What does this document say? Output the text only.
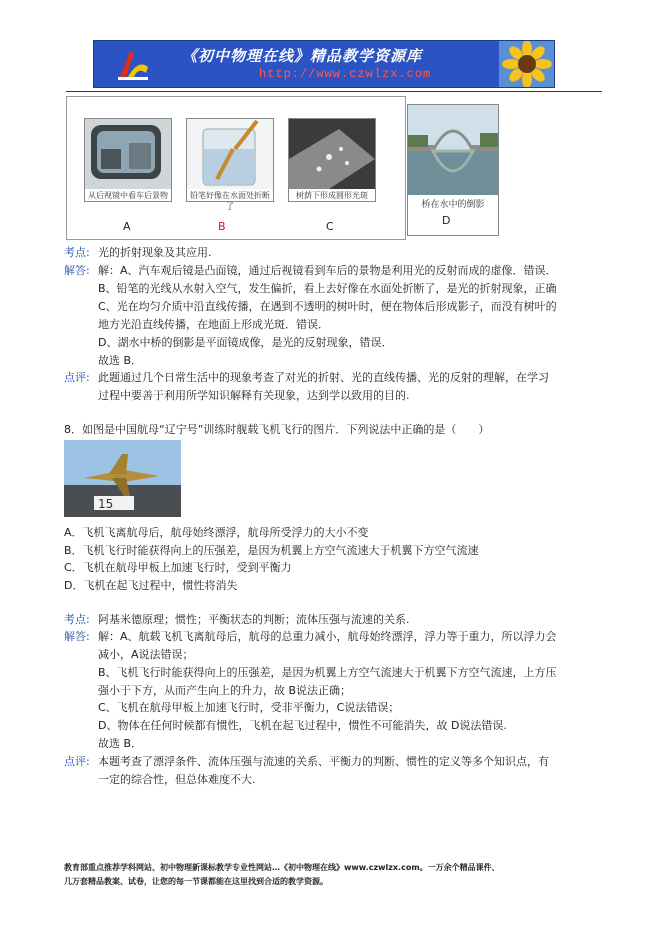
《初中物理在线》精品教学资源库
http://www.czwlzx.com
从后视镜中看车后景物
A
铅笔好像在水面处折断了
B
树荫下形成圆形光斑
C
桥在水中的倒影
D
考点: 光的折射现象及其应用.
解答: 解：A、汽车观后镜是凸面镜，通过后视镜看到车后的景物是利用光的反射而成的虚像．错误．
B、铅笔的光线从水射入空气，发生偏折，看上去好像在水面处折断了，是光的折射现象，正确
C、光在均匀介质中沿直线传播，在遇到不透明的树叶时，便在物体后形成影子，而没有树叶的
地方光沿直线传播，在地面上形成光斑．错误．
D、湖水中桥的倒影是平面镜成像，是光的反射现象，错误．
故选 B．
点评: 此题通过几个日常生活中的现象考查了对光的折射、光的直线传播、光的反射的理解，在学习
过程中要善于利用所学知识解释有关现象，达到学以致用的目的.
8．如图是中国航母“辽宁号”训练时舰载飞机飞行的图片．下列说法中正确的是（　　）
15
A．飞机飞离航母后，航母始终漂浮，航母所受浮力的大小不变
B．飞机飞行时能获得向上的压强差，是因为机翼上方空气流速大于机翼下方空气流速
C．飞机在航母甲板上加速飞行时，受到平衡力
D．飞机在起飞过程中，惯性将消失
考点: 阿基米德原理；惯性；平衡状态的判断；流体压强与流速的关系.
解答: 解：A、航载飞机飞离航母后，航母的总重力减小，航母始终漂浮，浮力等于重力，所以浮力会
减小，A说法错误；
B、飞机飞行时能获得向上的压强差，是因为机翼上方空气流速大于机翼下方空气流速，上方压
强小于下方，从而产生向上的升力，故 B说法正确；
C、飞机在航母甲板上加速飞行时，受非平衡力，C说法错误；
D、物体在任何时候都有惯性，飞机在起飞过程中，惯性不可能消失，故 D说法错误.
故选 B．
点评: 本题考查了漂浮条件、流体压强与流速的关系、平衡力的判断、惯性的定义等多个知识点，有
一定的综合性，但总体难度不大.
教育部重点推荐学科网站、初中物理新课标教学专业性网站…《初中物理在线》www.czwlzx.com。一万余个精品课件、
几万套精品教案、试卷，让您的每一节课都能在这里找到合适的教学资源。
